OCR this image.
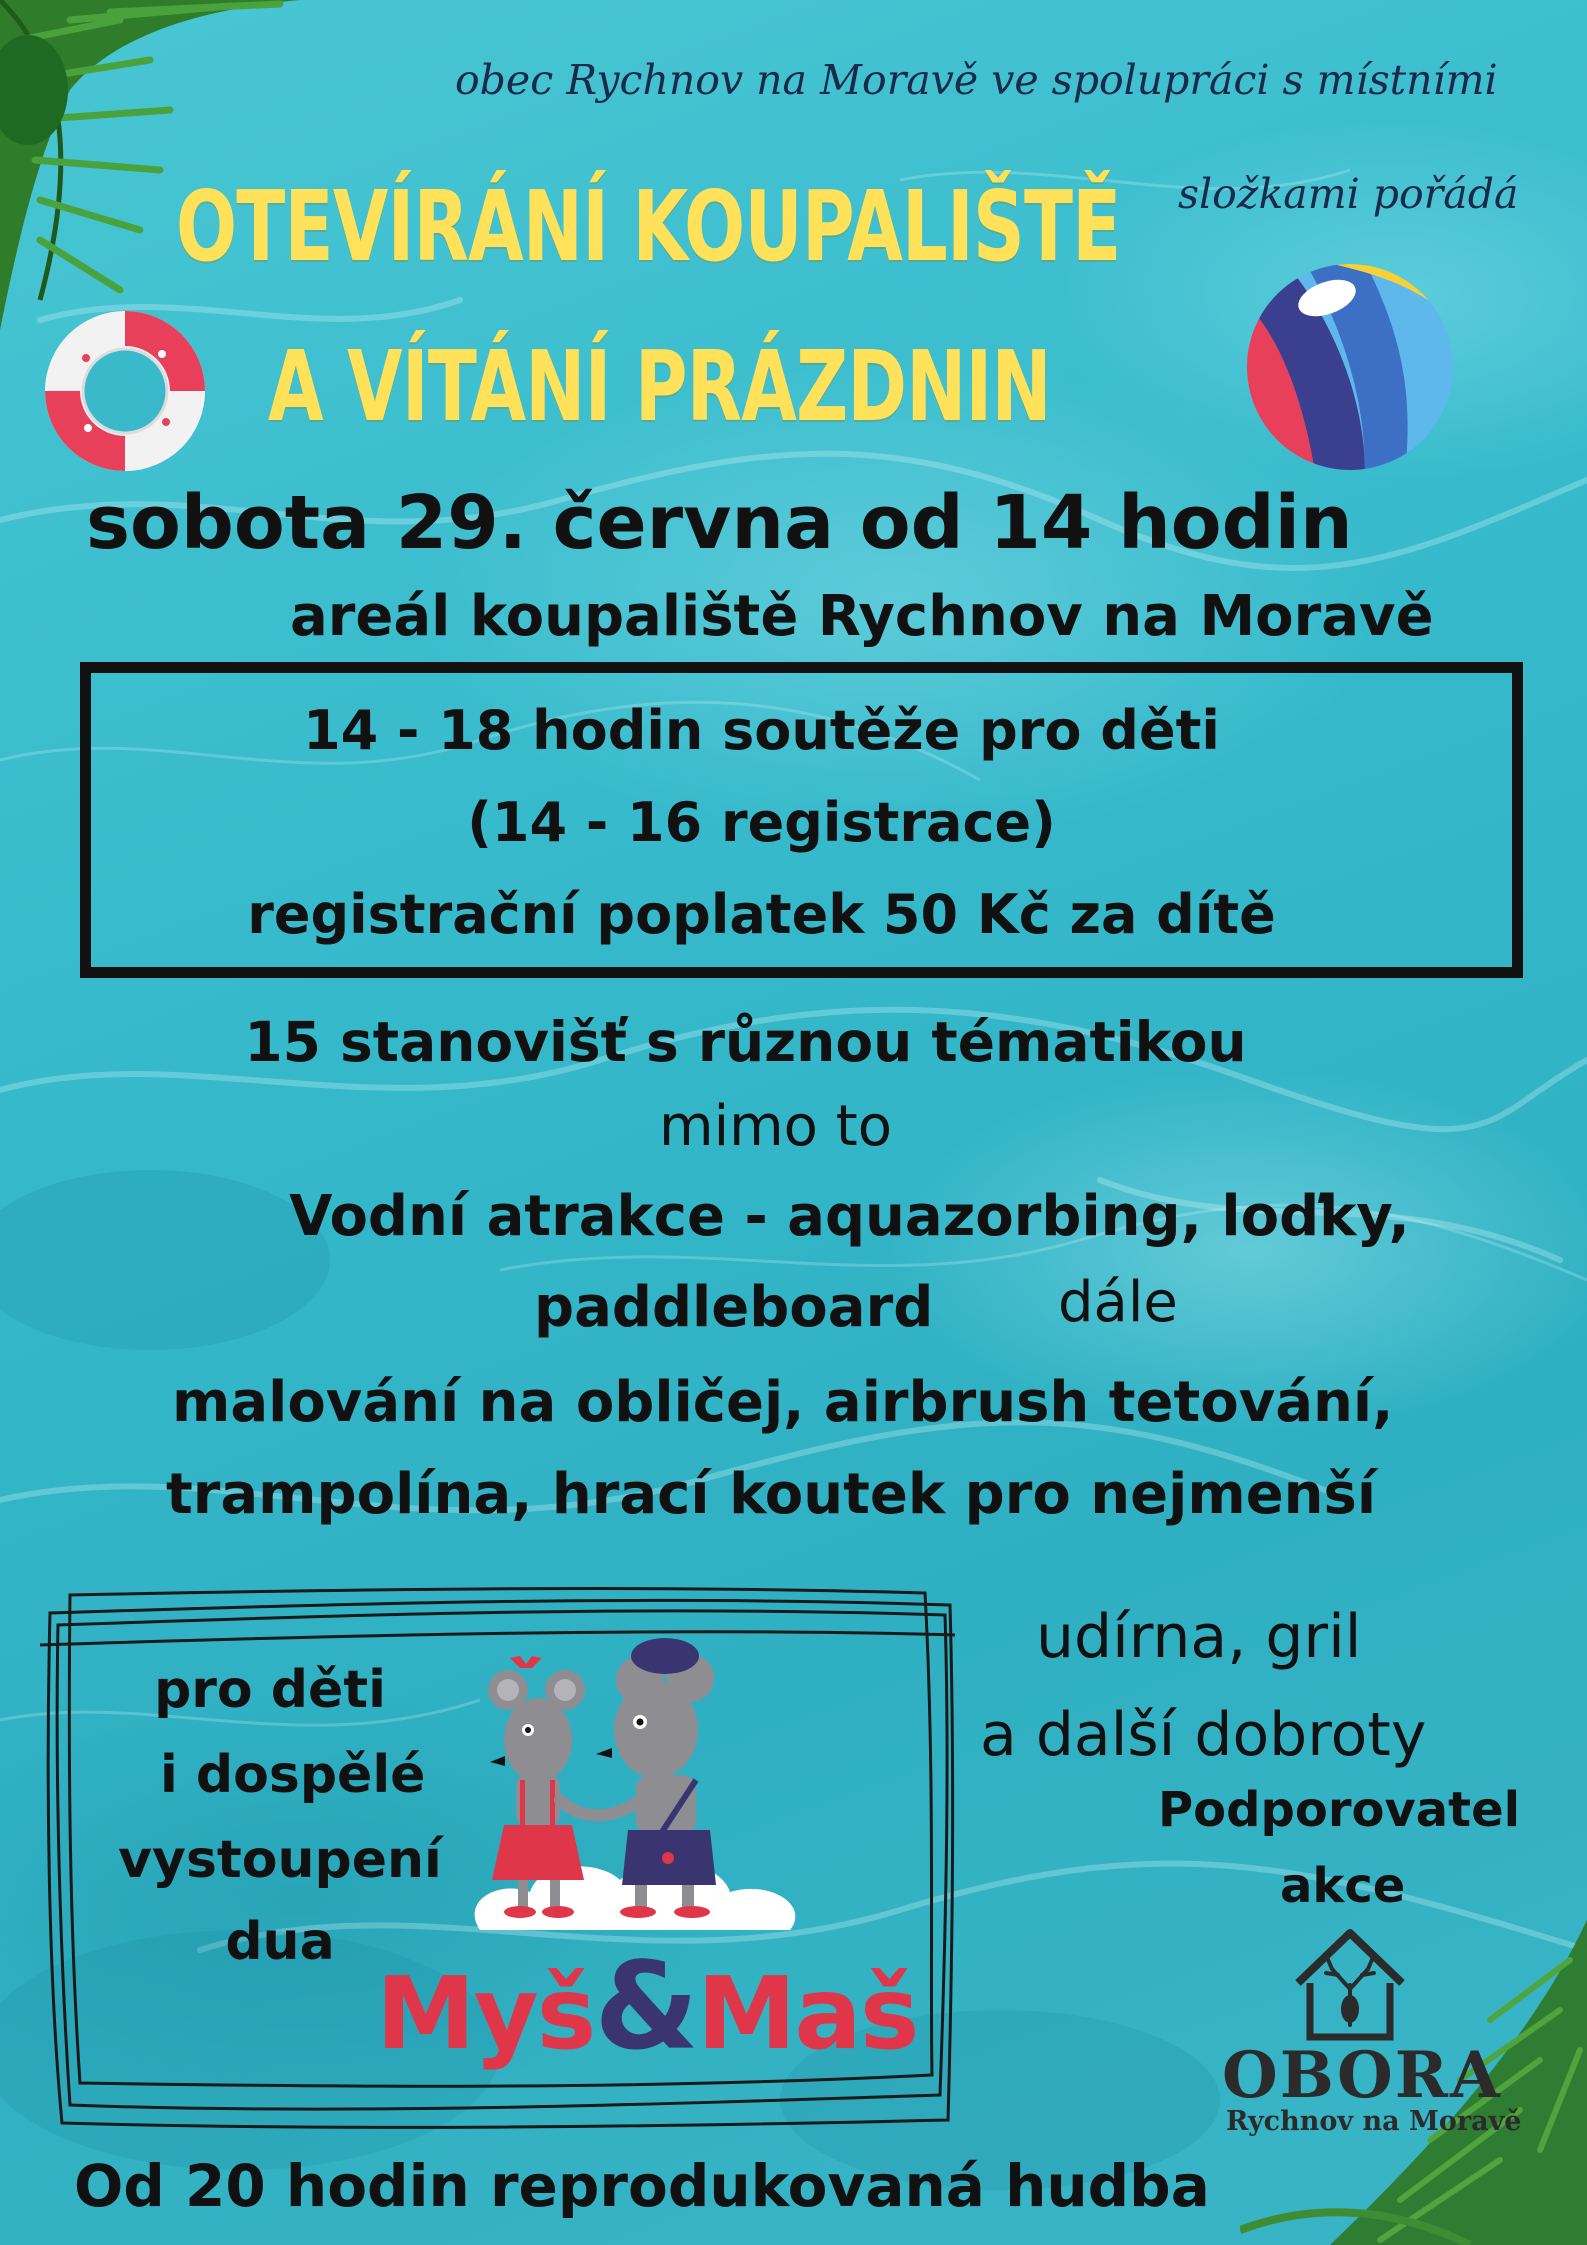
obec Rychnov na Moravě ve spolupráci s místními
složkami pořádá
OTEVÍRÁNÍ KOUPALIŠTĚ
A VÍTÁNÍ PRÁZDNIN
sobota 29. června od 14 hodin
areál koupaliště Rychnov na Moravě
14 - 18 hodin soutěže pro děti
(14 - 16 registrace)
registrační poplatek 50 Kč za dítě
15 stanovišť s různou tématikou
mimo to
Vodní atrakce - aquazorbing, loďky,
paddleboard dále
malování na obličej, airbrush tetování,
trampolína, hrací koutek pro nejmenší
pro děti
i dospělé
vystoupení
dua
Myš&Maš
udírna, gril
a další dobroty
Podporovatel
akce
OBORA
Rychnov na Moravě
Od 20 hodin reprodukovaná hudba
